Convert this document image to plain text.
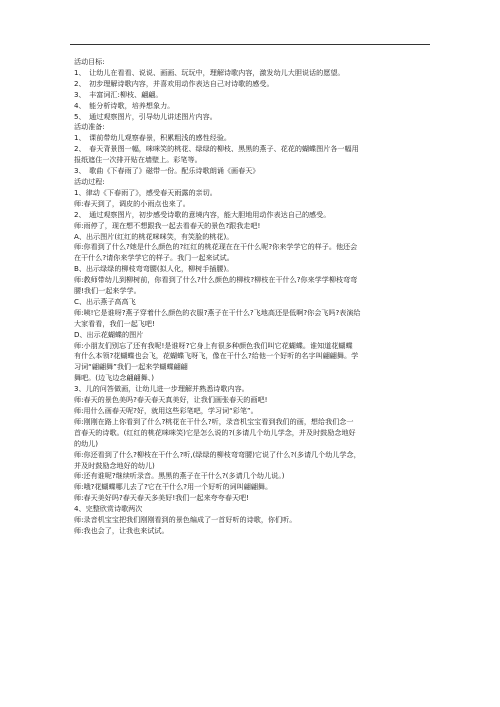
活动目标:
1、　让幼儿在看看、说说、画画、玩玩中，理解诗歌内容，激发幼儿大胆说话的愿望。
2、　初步理解诗歌内容，并喜欢用动作表达自己对诗歌的感受。
3、　丰富词汇:柳枝、翩翩。
4、　能分析诗歌，培养想象力。
5、　通过观察图片，引导幼儿讲述图片内容。
活动准备:
1、　课前带幼儿观察春景，积累粗浅的感性经验。
2、　春天背景图一幅，咪咪笑的桃花、绿绿的柳枝、黑黑的燕子、花花的蝴蝶图片各一幅用
报纸遮住一次排开贴在墙壁上。彩笔等。
3、　歌曲《下春雨了》磁带一份。配乐诗歌朗诵《画春天》
活动过程:
1、律动《下春雨了》，感受春天雨露的亲切。
师:春天到了，调皮的小雨点也来了。
2、　通过观察图片，初步感受诗歌的意境内容，能大胆地用动作表达自己的感受。
师:雨停了，现在想不想跟我一起去看春天的景色?跟我走吧!
A、出示图片(红红的桃花咪咪笑，有笑脸的桃花)。
师:你看到了什么?她是什么颜色的?红红的桃花现在在干什么呢?你来学学它的样子。他还会
在干什么?请你来学学它的样子。我门一起来试试。
B、出示绿绿的柳枝弯弯腰(拟人化，柳树手插腰)。
师:教师带幼儿到柳树前，你看到了什么?什么颜色的柳枝?柳枝在干什么?你来学学柳枝弯弯
腰!我们一起来学学。
C、出示燕子高高飞
师:咦!它是谁呀?燕子穿着什么颜色的衣服?燕子在干什么?飞地高还是低啊?你会飞吗?表演给
大家看看，我们一起飞吧!
D、出示花蝴蝶的图片
师:小朋友们别忘了还有我呢!是谁呀?它身上有很多种颜色我们叫它花蝴蝶。谁知道花蝴蝶
有什么本领?花蝴蝶也会飞，花蝴蝶飞呀飞，像在干什么?给他一个好听的名字叫翩翩舞。学
习词“翩翩舞”我们一起来学蝴蝶翩翩
舞吧。(边飞边念翩翩舞、)
3、儿的问答做画，让幼儿进一步理解并熟悉诗歌内容。
师:春天的景色美吗?春天春天真美好，让我们画张春天的画吧!
师:用什么画春天呢?好，就用这些彩笔吧，学习词“彩笔”。
师:刚刚在路上你看到了什么?桃花在干什么?听，录音机宝宝看到我们的画，想给我们念一
首春天的诗歌。(红红的桃花咪咪笑)它是怎么说的?(多请几个幼儿学念，并及时鼓励念地好
的幼儿)
师:你还看到了什么?柳枝在干什么?听,(绿绿的柳枝弯弯腰)它说了什么?(多请几个幼儿学念，
并及时鼓励念地好的幼儿)
师:还有谁呢?继续听录音。黑黑的燕子在干什么?(多请几个幼儿说。)
师:哦?花蝴蝶哪儿去了?它在干什么?用一个好听的词叫翩翩舞。
师:春天美好吗?春天春天多美好!我们一起来夸夸春天吧!
4、完整欣赏诗歌两次
师:录音机宝宝把我们刚刚看到的景色编成了一首好听的诗歌，你们听。
师:我也会了，让我也来试试。
